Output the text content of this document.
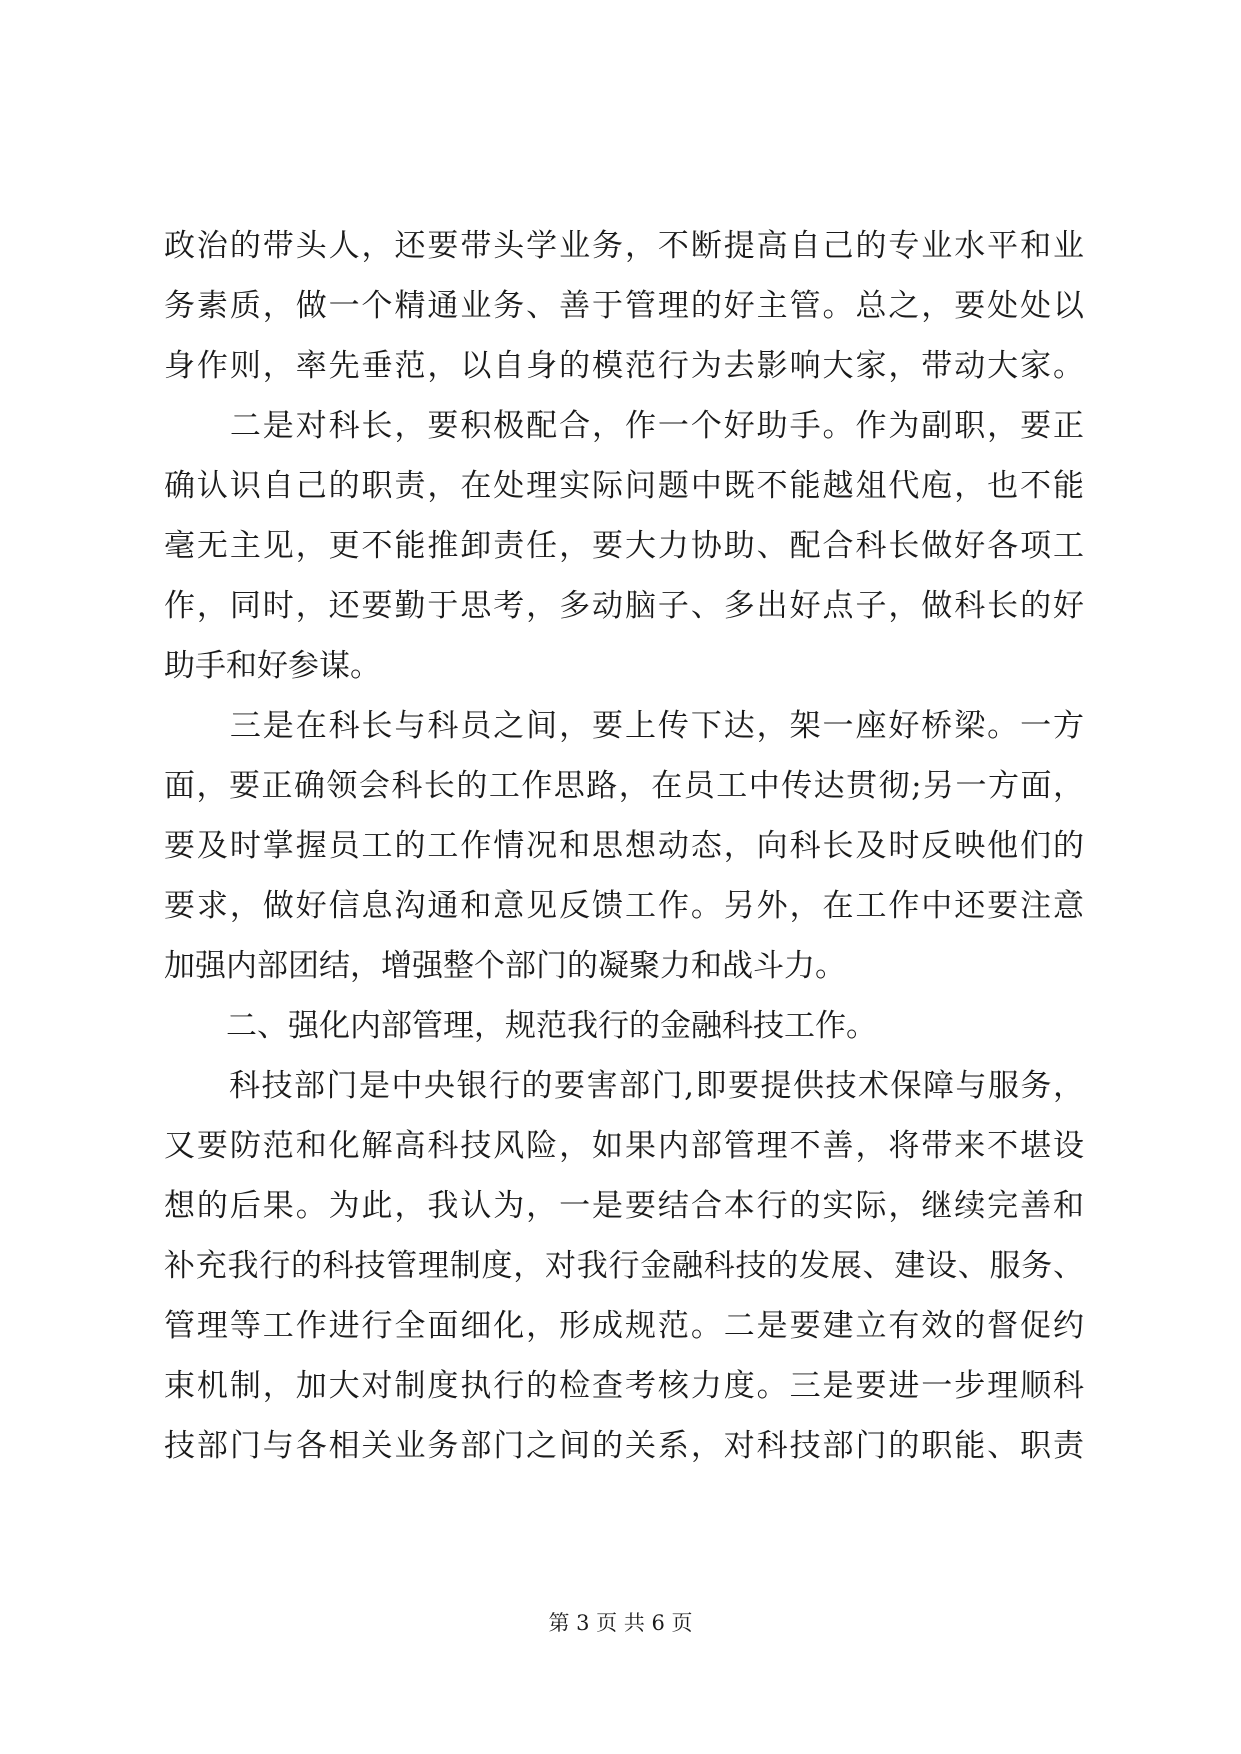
政治的带头人，还要带头学业务，不断提高自己的专业水平和业
务素质，做一个精通业务、善于管理的好主管。总之，要处处以
身作则，率先垂范，以自身的模范行为去影响大家，带动大家。
　　二是对科长，要积极配合，作一个好助手。作为副职，要正
确认识自己的职责，在处理实际问题中既不能越俎代庖，也不能
毫无主见，更不能推卸责任，要大力协助、配合科长做好各项工
作，同时，还要勤于思考，多动脑子、多出好点子，做科长的好
助手和好参谋。
　　三是在科长与科员之间，要上传下达，架一座好桥梁。一方
面，要正确领会科长的工作思路，在员工中传达贯彻;另一方面，
要及时掌握员工的工作情况和思想动态，向科长及时反映他们的
要求，做好信息沟通和意见反馈工作。另外，在工作中还要注意
加强内部团结，增强整个部门的凝聚力和战斗力。
　　二、强化内部管理，规范我行的金融科技工作。
　　科技部门是中央银行的要害部门,即要提供技术保障与服务，
又要防范和化解高科技风险，如果内部管理不善，将带来不堪设
想的后果。为此，我认为，一是要结合本行的实际，继续完善和
补充我行的科技管理制度，对我行金融科技的发展、建设、服务、
管理等工作进行全面细化，形成规范。二是要建立有效的督促约
束机制，加大对制度执行的检查考核力度。三是要进一步理顺科
技部门与各相关业务部门之间的关系，对科技部门的职能、职责
第 3 页 共 6 页
